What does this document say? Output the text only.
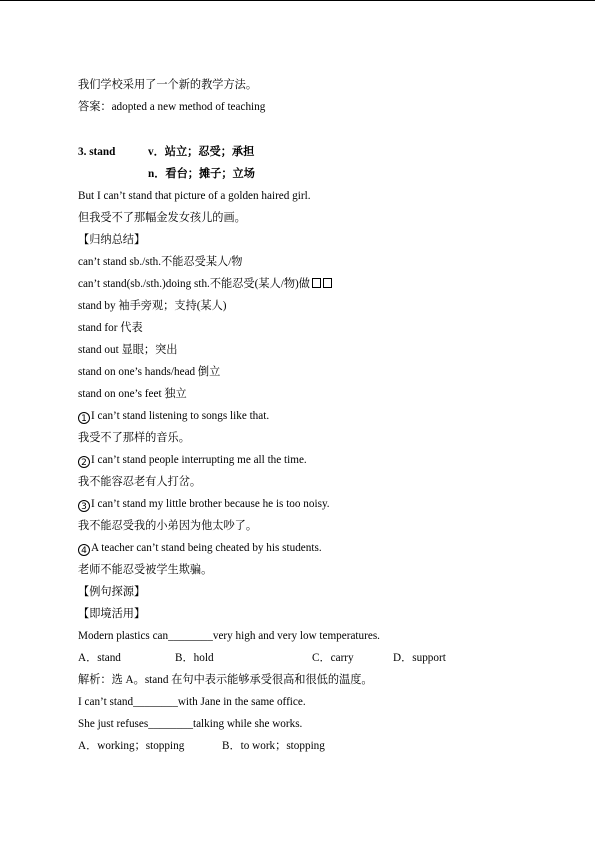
我们学校采用了一个新的教学方法。
答案：adopted a new method of teaching
3. stand	v．站立；忍受；承担
n．看台；摊子；立场
But I can’t stand that picture of a golden haired girl.
但我受不了那幅金发女孩儿的画。
【归纳总结】
can’t stand sb./sth.不能忍受某人/物
can’t stand(sb./sth.)doing sth.不能忍受(某人/物)做
stand by 袖手旁观；支持(某人)
stand for 代表
stand out 显眼；突出
stand on one’s hands/head 倒立
stand on one’s feet 独立
1 I can’t stand listening to songs like that.
我受不了那样的音乐。
2 I can’t stand people interrupting me all the time.
我不能容忍老有人打岔。
3 I can’t stand my little brother because he is too noisy.
我不能忍受我的小弟因为他太吵了。
4 A teacher can’t stand being cheated by his students.
老师不能忍受被学生欺骗。
【例句探源】
【即境活用】
Modern plastics can________very high and very low temperatures.
A．stand	B．hold	C．carry	D．support
解析：选 A。stand 在句中表示能够承受很高和很低的温度。
I can’t stand________with Jane in the same office.
She just refuses________talking while she works.
A．working；stopping	B．to work；stopping
